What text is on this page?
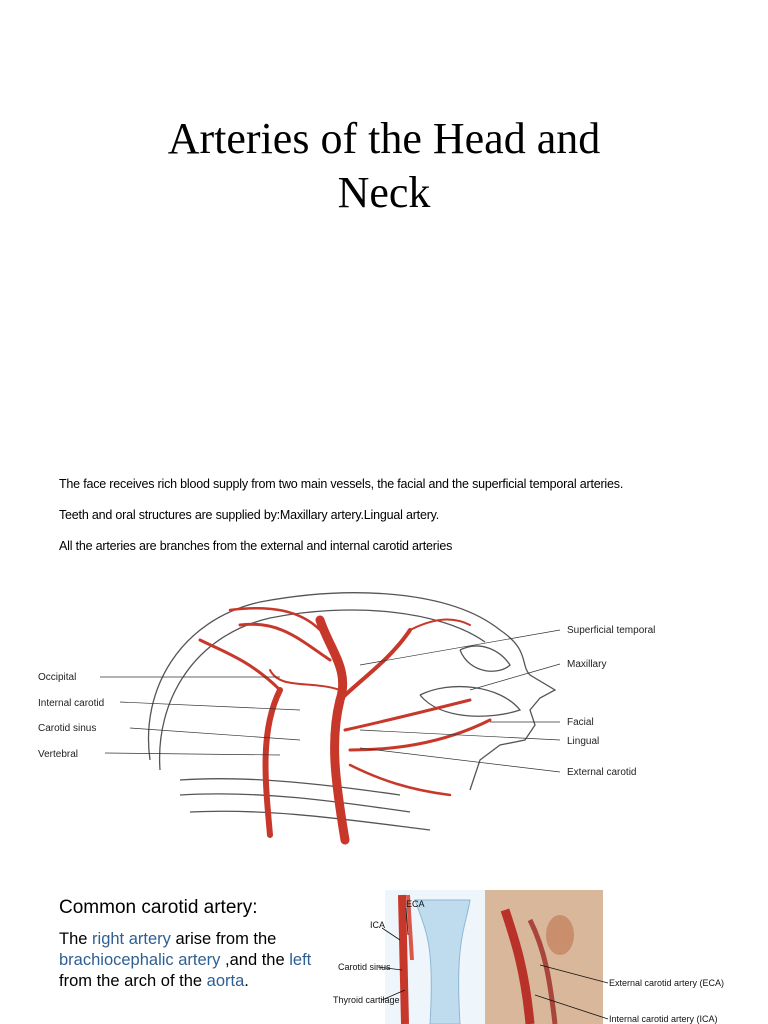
Arteries of the Head and
Neck
The face receives rich blood supply from two main vessels, the facial and the superficial temporal arteries.
Teeth and oral structures are supplied by:Maxillary artery.Lingual artery.
All the arteries are branches from the external and internal carotid arteries
Occipital
Internal carotid
Carotid sinus
Vertebral
Superficial temporal
Maxillary
Facial
Lingual
External carotid
Common carotid artery:
The right artery arise from the brachiocephalic artery ,and the left from the arch of the aorta.
ECA
ICA
Carotid sinus
Thyroid cartilage
External carotid artery (ECA)
Internal carotid artery (ICA)
